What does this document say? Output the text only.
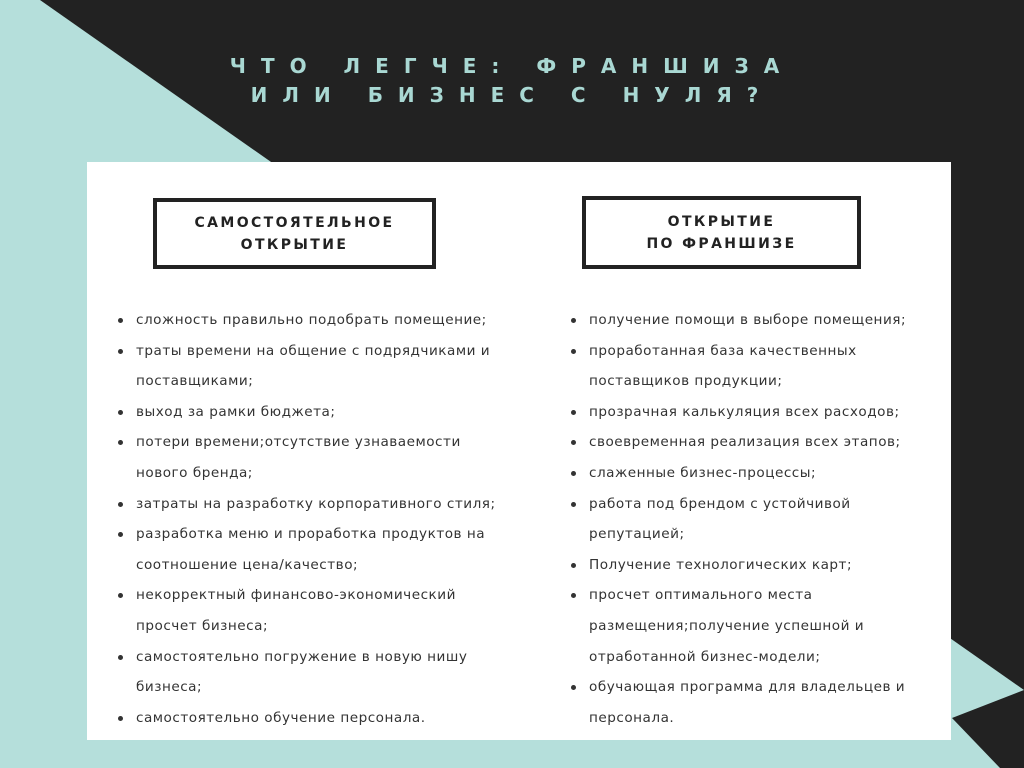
ЧТО ЛЕГЧЕ: ФРАНШИЗА
ИЛИ БИЗНЕС С НУЛЯ?
САМОСТОЯТЕЛЬНОЕ
ОТКРЫТИЕ
ОТКРЫТИЕ
ПО ФРАНШИЗЕ
сложность правильно подобрать помещение;
траты времени на общение с подрядчиками и поставщиками;
выход за рамки бюджета;
потери времени;отсутствие узнаваемости нового бренда;
затраты на разработку корпоративного стиля;
разработка меню и проработка продуктов на соотношение цена/качество;
некорректный финансово-экономический просчет бизнеса;
самостоятельно погружение в новую нишу бизнеса;
самостоятельно обучение персонала.
получение помощи в выборе помещения;
проработанная база качественных поставщиков продукции;
прозрачная калькуляция всех расходов;
своевременная реализация всех этапов;
слаженные бизнес-процессы;
работа под брендом с устойчивой репутацией;
Получение технологических карт;
просчет оптимального места размещения;получение успешной и отработанной бизнес-модели;
обучающая программа для владельцев и персонала.
